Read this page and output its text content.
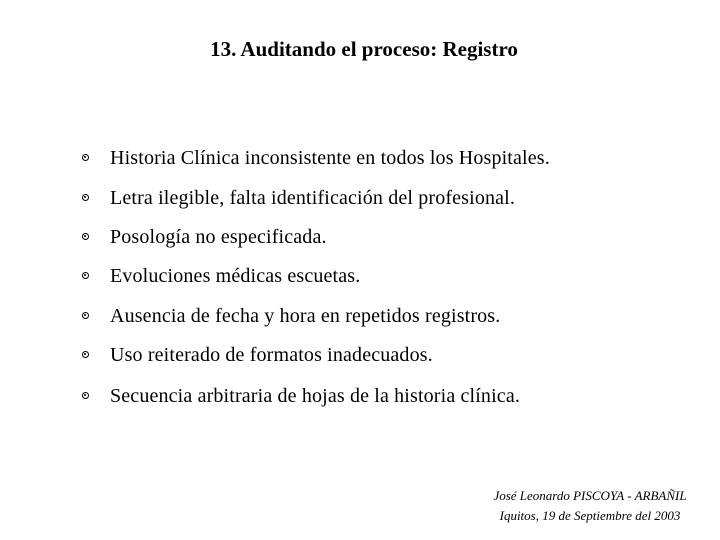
13. Auditando el proceso: Registro
Historia Clínica inconsistente en todos los Hospitales.
Letra ilegible, falta identificación del profesional.
Posología no especificada.
Evoluciones médicas escuetas.
Ausencia de fecha y hora en repetidos registros.
Uso reiterado de formatos inadecuados.
Secuencia arbitraria de hojas de la historia clínica.
José Leonardo PISCOYA - ARBAÑIL
Iquitos, 19 de Septiembre del 2003
